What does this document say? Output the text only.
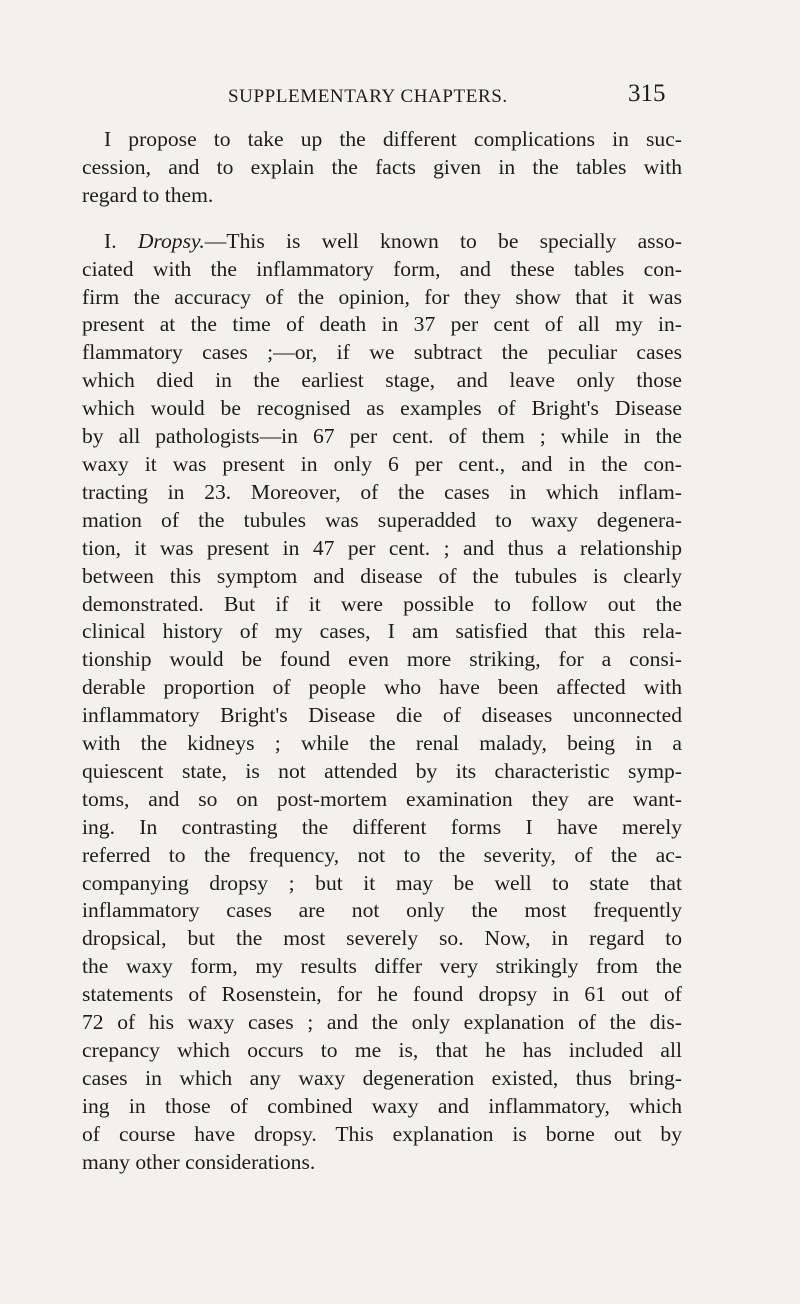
SUPPLEMENTARY CHAPTERS.	315
I propose to take up the different complications in suc-
cession, and to explain the facts given in the tables with
regard to them.
I. Dropsy.—This is well known to be specially asso-
ciated with the inflammatory form, and these tables con-
firm the accuracy of the opinion, for they show that it was
present at the time of death in 37 per cent of all my in-
flammatory cases ;—or, if we subtract the peculiar cases
which died in the earliest stage, and leave only those
which would be recognised as examples of Bright's Disease
by all pathologists—in 67 per cent. of them ; while in the
waxy it was present in only 6 per cent., and in the con-
tracting in 23. Moreover, of the cases in which inflam-
mation of the tubules was superadded to waxy degenera-
tion, it was present in 47 per cent. ; and thus a relationship
between this symptom and disease of the tubules is clearly
demonstrated. But if it were possible to follow out the
clinical history of my cases, I am satisfied that this rela-
tionship would be found even more striking, for a consi-
derable proportion of people who have been affected with
inflammatory Bright's Disease die of diseases unconnected
with the kidneys ; while the renal malady, being in a
quiescent state, is not attended by its characteristic symp-
toms, and so on post-mortem examination they are want-
ing. In contrasting the different forms I have merely
referred to the frequency, not to the severity, of the ac-
companying dropsy ; but it may be well to state that
inflammatory cases are not only the most frequently
dropsical, but the most severely so. Now, in regard to
the waxy form, my results differ very strikingly from the
statements of Rosenstein, for he found dropsy in 61 out of
72 of his waxy cases ; and the only explanation of the dis-
crepancy which occurs to me is, that he has included all
cases in which any waxy degeneration existed, thus bring-
ing in those of combined waxy and inflammatory, which
of course have dropsy. This explanation is borne out by
many other considerations.
